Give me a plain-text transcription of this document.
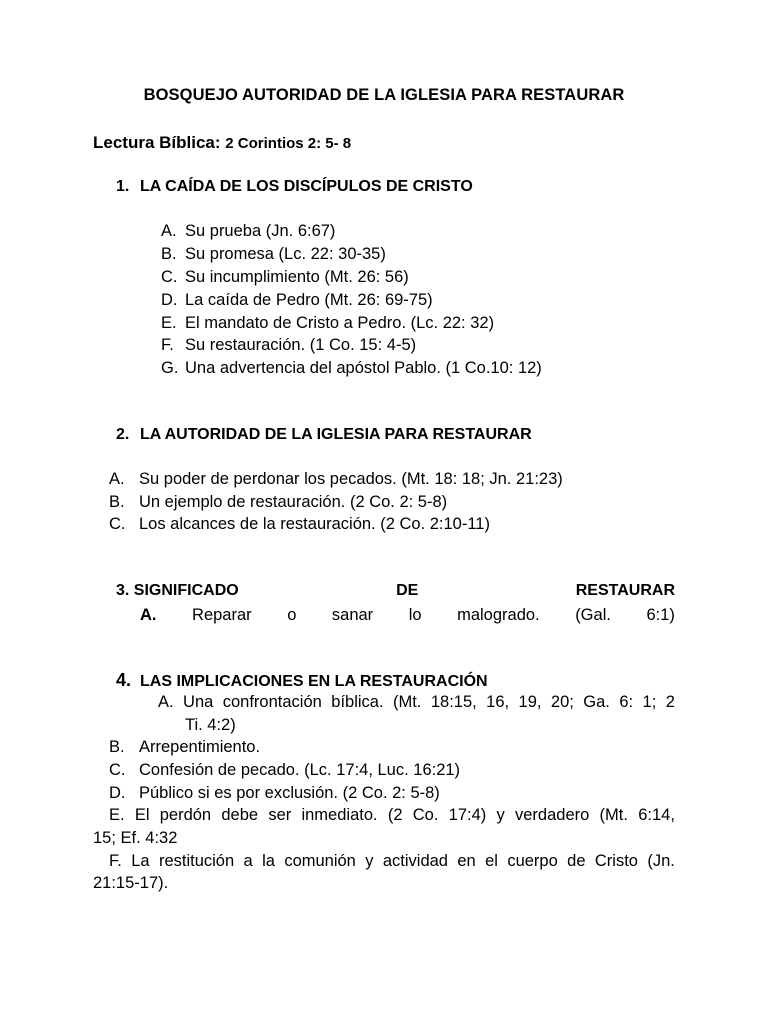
BOSQUEJO AUTORIDAD DE LA IGLESIA PARA RESTAURAR
Lectura Bíblica: 2 Corintios 2: 5- 8
1. LA CAÍDA DE LOS DISCÍPULOS DE CRISTO
A. Su prueba (Jn. 6:67)
B. Su promesa (Lc. 22: 30-35)
C. Su incumplimiento (Mt. 26: 56)
D. La caída de Pedro (Mt. 26: 69-75)
E. El mandato de Cristo a Pedro. (Lc. 22: 32)
F. Su restauración. (1 Co. 15: 4-5)
G. Una advertencia del apóstol Pablo. (1 Co.10: 12)
2. LA AUTORIDAD DE LA IGLESIA PARA RESTAURAR
A. Su poder de perdonar los pecados. (Mt. 18: 18; Jn. 21:23)
B. Un ejemplo de restauración. (2 Co. 2: 5-8)
C. Los alcances de la restauración. (2 Co. 2:10-11)
3. SIGNIFICADO	DE	RESTAURAR
A. Reparar o sanar lo malogrado. (Gal. 6:1)
4. LAS IMPLICACIONES EN LA RESTAURACIÓN
A. Una confrontación bíblica. (Mt. 18:15, 16, 19, 20; Ga. 6: 1; 2
Ti. 4:2)
B. Arrepentimiento.
C. Confesión de pecado. (Lc. 17:4, Luc. 16:21)
D. Público si es por exclusión. (2 Co. 2: 5-8)
E. El perdón debe ser inmediato. (2 Co. 17:4) y verdadero (Mt. 6:14,
15; Ef. 4:32
F. La restitución a la comunión y actividad en el cuerpo de Cristo (Jn.
21:15-17).
